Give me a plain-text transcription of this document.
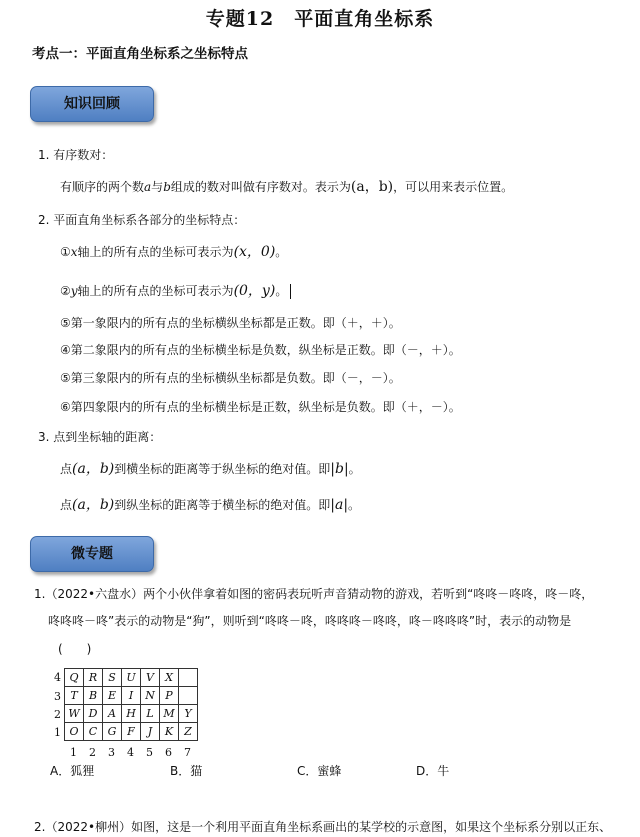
专题12　平面直角坐标系
考点一：平面直角坐标系之坐标特点
知识回顾
1. 有序数对：
有顺序的两个数a与b组成的数对叫做有序数对。表示为(a，b)，可以用来表示位置。
2. 平面直角坐标系各部分的坐标特点：
①x轴上的所有点的坐标可表示为(x，0)。
②y轴上的所有点的坐标可表示为(0，y)。
⑤第一象限内的所有点的坐标横纵坐标都是正数。即（＋，＋）。
④第二象限内的所有点的坐标横坐标是负数，纵坐标是正数。即（－，＋）。
⑤第三象限内的所有点的坐标横纵坐标都是负数。即（－，－）。
⑥第四象限内的所有点的坐标横坐标是正数，纵坐标是负数。即（＋，－）。
3. 点到坐标轴的距离：
点(a，b)到横坐标的距离等于纵坐标的绝对值。即|b|。
点(a，b)到纵坐标的距离等于横坐标的绝对值。即|a|。
微专题
1.（2022•六盘水）两个小伙伴拿着如图的密码表玩听声音猜动物的游戏，若听到“咚咚－咚咚，咚－咚，
咚咚咚－咚”表示的动物是“狗”，则听到“咚咚－咚，咚咚咚－咚咚，咚－咚咚咚”时，表示的动物是
(　　)
4	Q	R	S	U	V	X	

3	T	B	E	I	N	P	

2	W	D	A	H	L	M	Y

1	O	C	G	F	J	K	Z

	1 2 3 4 5 6 7
A．狐狸	B．猫	C．蜜蜂	D．牛
2.（2022•柳州）如图，这是一个利用平面直角坐标系画出的某学校的示意图，如果这个坐标系分别以正东、
